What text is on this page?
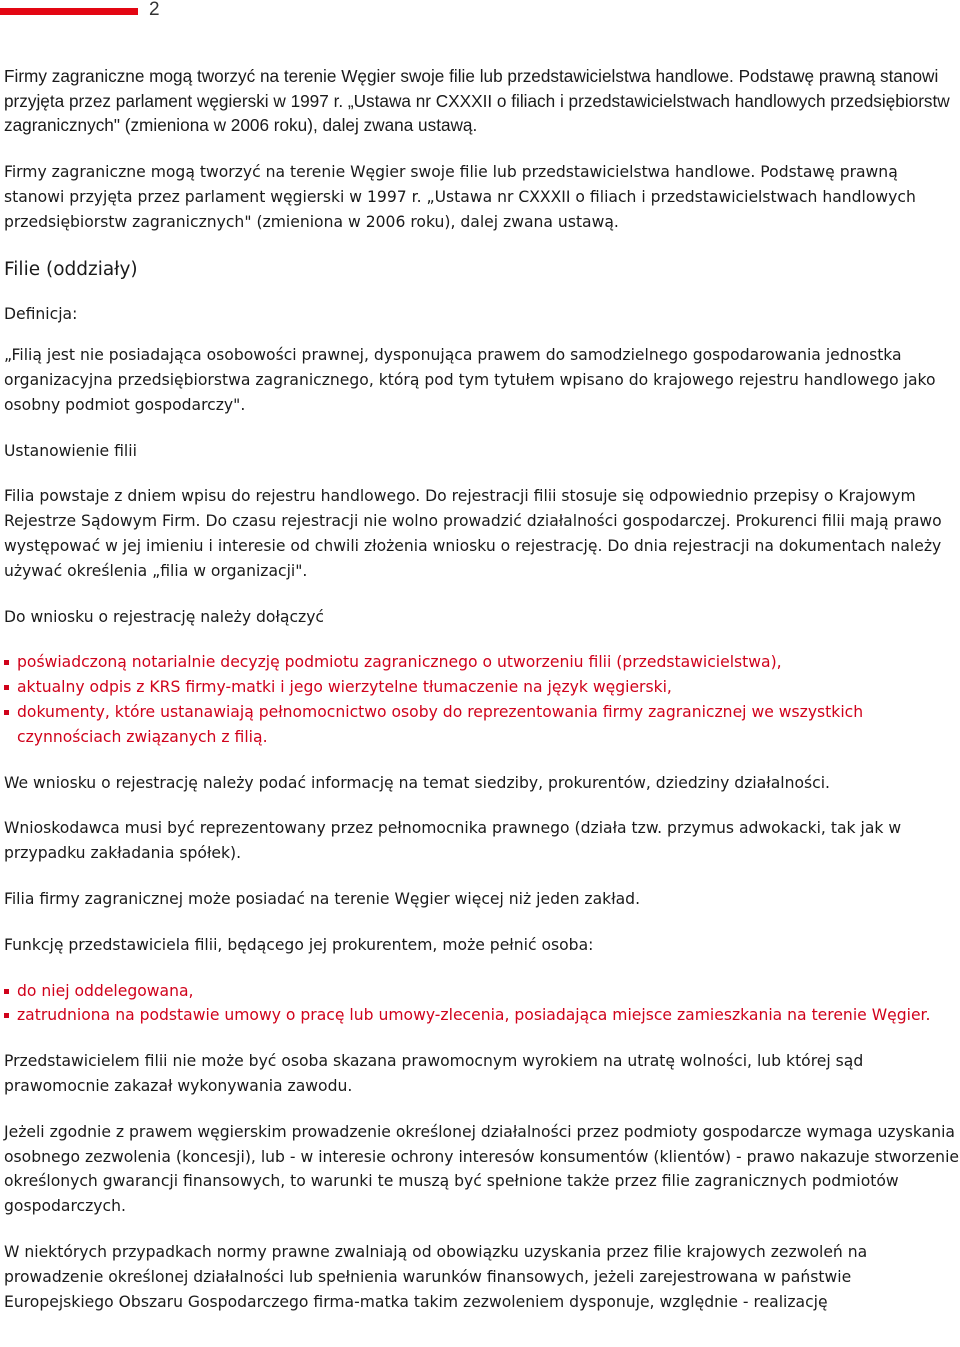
2

Firmy zagraniczne mogą tworzyć na terenie Węgier swoje filie lub przedstawicielstwa handlowe. Podstawę prawną stanowi przyjęta przez parlament węgierski w 1997 r. „Ustawa nr CXXXII o filiach i przedstawicielstwach handlowych przedsiębiorstw zagranicznych" (zmieniona w 2006 roku), dalej zwana ustawą.

Firmy zagraniczne mogą tworzyć na terenie Węgier swoje filie lub przedstawicielstwa handlowe. Podstawę prawną stanowi przyjęta przez parlament węgierski w 1997 r. „Ustawa nr CXXXII o filiach i przedstawicielstwach handlowych przedsiębiorstw zagranicznych" (zmieniona w 2006 roku), dalej zwana ustawą.

Filie (oddziały)

Definicja:

„Filią jest nie posiadająca osobowości prawnej, dysponująca prawem do samodzielnego gospodarowania jednostka organizacyjna przedsiębiorstwa zagranicznego, którą pod tym tytułem wpisano do krajowego rejestru handlowego jako osobny podmiot gospodarczy".

Ustanowienie filii

Filia powstaje z dniem wpisu do rejestru handlowego. Do rejestracji filii stosuje się odpowiednio przepisy o Krajowym Rejestrze Sądowym Firm. Do czasu rejestracji nie wolno prowadzić działalności gospodarczej. Prokurenci filii mają prawo występować w jej imieniu i interesie od chwili złożenia wniosku o rejestrację. Do dnia rejestracji na dokumentach należy używać określenia „filia w organizacji".

Do wniosku o rejestrację należy dołączyć

poświadczoną notarialnie decyzję podmiotu zagranicznego o utworzeniu filii (przedstawicielstwa),
aktualny odpis z KRS firmy-matki i jego wierzytelne tłumaczenie na język węgierski,
dokumenty, które ustanawiają pełnomocnictwo osoby do reprezentowania firmy zagranicznej we wszystkich czynnościach związanych z filią.

We wniosku o rejestrację należy podać informację na temat siedziby, prokurentów, dziedziny działalności.

Wnioskodawca musi być reprezentowany przez pełnomocnika prawnego (działa tzw. przymus adwokacki, tak jak w przypadku zakładania spółek).

Filia firmy zagranicznej może posiadać na terenie Węgier więcej niż jeden zakład.

Funkcję przedstawiciela filii, będącego jej prokurentem, może pełnić osoba:

do niej oddelegowana,
zatrudniona na podstawie umowy o pracę lub umowy-zlecenia, posiadająca miejsce zamieszkania na terenie Węgier.

Przedstawicielem filii nie może być osoba skazana prawomocnym wyrokiem na utratę wolności, lub której sąd prawomocnie zakazał wykonywania zawodu.

Jeżeli zgodnie z prawem węgierskim prowadzenie określonej działalności przez podmioty gospodarcze wymaga uzyskania osobnego zezwolenia (koncesji), lub - w interesie ochrony interesów konsumentów (klientów) - prawo nakazuje stworzenie określonych gwarancji finansowych, to warunki te muszą być spełnione także przez filie zagranicznych podmiotów gospodarczych.

W niektórych przypadkach normy prawne zwalniają od obowiązku uzyskania przez filie krajowych zezwoleń na prowadzenie określonej działalności lub spełnienia warunków finansowych, jeżeli zarejestrowana w państwie Europejskiego Obszaru Gospodarczego firma-matka takim zezwoleniem dysponuje, względnie - realizację
